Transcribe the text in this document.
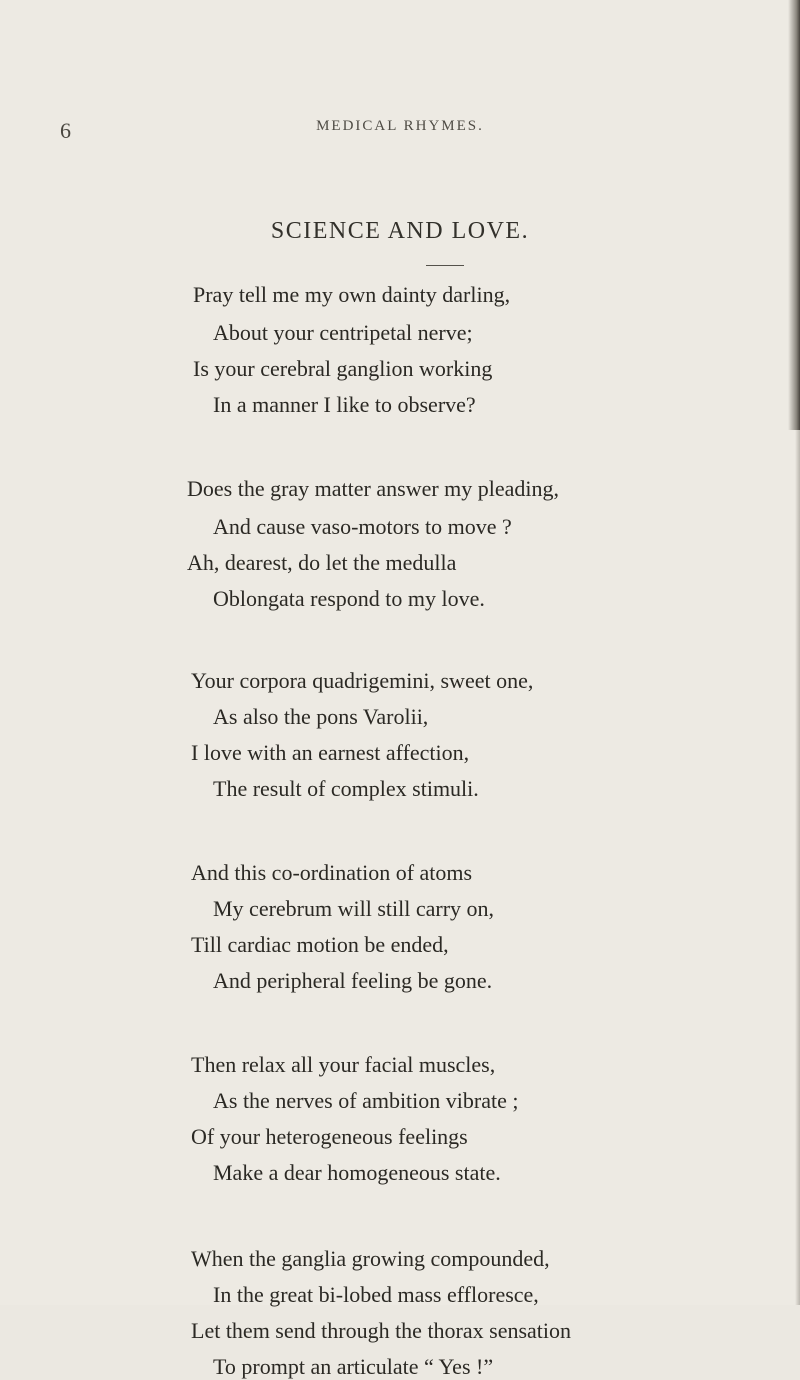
6	MEDICAL RHYMES.
SCIENCE AND LOVE.
Pray tell me my own dainty darling,
About your centripetal nerve;
Is your cerebral ganglion working
In a manner I like to observe?
Does the gray matter answer my pleading,
And cause vaso-motors to move ?
Ah, dearest, do let the medulla
Oblongata respond to my love.
Your corpora quadrigemini, sweet one,
As also the pons Varolii,
I love with an earnest affection,
The result of complex stimuli.
And this co-ordination of atoms
My cerebrum will still carry on,
Till cardiac motion be ended,
And peripheral feeling be gone.
Then relax all your facial muscles,
As the nerves of ambition vibrate ;
Of your heterogeneous feelings
Make a dear homogeneous state.
When the ganglia growing compounded,
In the great bi-lobed mass effloresce,
Let them send through the thorax sensation
To prompt an articulate “ Yes !”
